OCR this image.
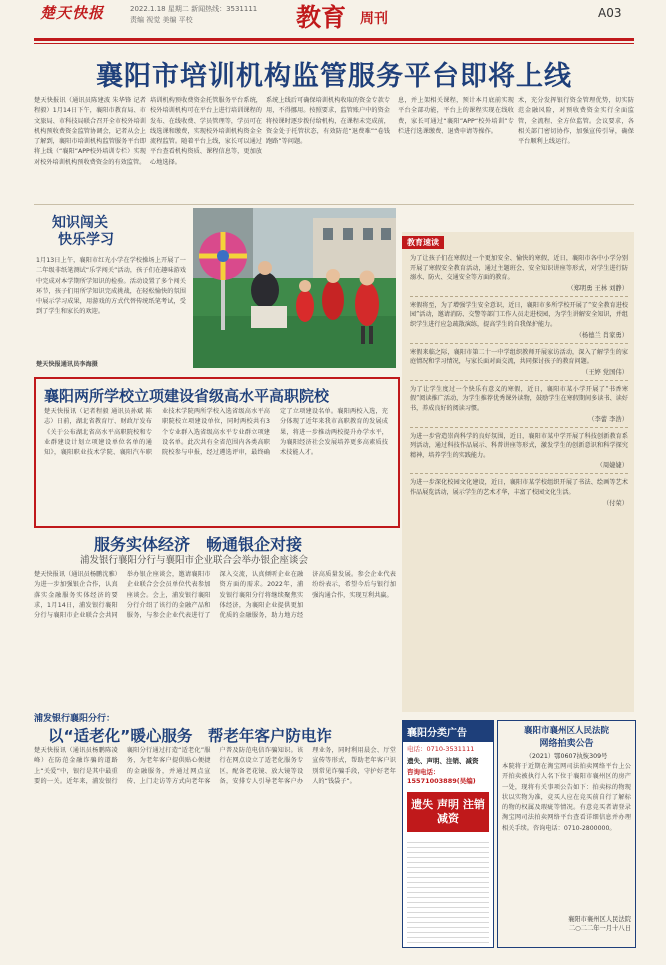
楚天快报	2022.1.18 星期二 新闻热线：3531111
责编 视觉 美编 平校	教育 周刊	A03
襄阳市培训机构监管服务平台即将上线
楚天快报讯（通讯员陈建波 朱华锋 记者程毅）1月14日下午，襄阳市教育局、市文旅局、市科技局联合召开全市校外培训机构预收费资金监管协调会，记者从会上了解到，襄阳市培训机构监管服务平台即将上线（“襄阳”APP校外培训专栏）实现对校外培训机构预收费资金的有效监管。
培训机构预收费资金托管服务平台系统，校外培训机构可在平台上进行培训课程的发布、在线收费、学员管理等，学员可在线选课和缴费，实现校外培训机构资金全流程监管。随着平台上线，家长可以通过平台查看机构资质、课程信息等，更加放心地选择。
系统上线后可确保培训机构收取的资金专款专用，不得挪用。按照要求，监管账户中的资金将按课时逐步拨付给机构，在课程未完成前，资金处于托管状态，有效防范“退费难”“卷钱跑路”等问题。
息，并上架相关课程，预计本月底前实现平台全部功能，平台上的课程实现在线收费，家长可通过“襄阳”APP“校外培训”专栏进行选课缴费、退费申请等操作。
术，充分发挥银行资金管理优势，切实防范金融风险，对预收费资金实行全面监管，全流程、全方位监管。会议要求，各相关部门密切协作，加强宣传引导，确保平台顺利上线运行。
知识闯关
快乐学习
1月13日上午，襄阳市红光小学在学校操场上开展了一二年级非纸笔测试“乐学闯关”活动，孩子们在趣味游戏中完成对本学期所学知识的检验。活动设置了多个闯关环节，孩子们用所学知识完成挑战，在轻松愉快的氛围中展示学习成果，用游戏的方式代替传统纸笔考试，受到了学生和家长的欢迎。
楚天快报通讯员李海摄
襄阳两所学校立项建设省级高水平高职院校
楚天快报讯（记者程毅 通讯员孙斌 陈志）日前，湖北省教育厅、财政厅发布《关于公布湖北省高水平高职院校和专业群建设计划立项建设单位名单的通知》，襄阳职业技术学院、襄阳汽车职业技术学院两所学校入选省级高水平高职院校立项建设单位，同时两校共有3个专业群入选省级高水平专业群立项建设名单。此次共有全省范围内各类高职院校参与申报，经过遴选评审，最终确定了立项建设名单。襄阳两校入选，充分体现了近年来我市高职教育的发展成果，将进一步推动两校提升办学水平，为襄阳经济社会发展培养更多高素质技术技能人才。
服务实体经济　畅通银企对接
浦发银行襄阳分行与襄阳市企业联合会举办银企座谈会
楚天快报讯（通讯员杨鹏沈雅）为进一步加强银企合作，认真落实金融服务实体经济的要求，1月14日，浦发银行襄阳分行与襄阳市企业联合会共同举办银企座谈会，邀请襄阳市企业联合会会员单位代表参加座谈会。会上，浦发银行襄阳分行介绍了该行的金融产品和服务，与参会企业代表进行了深入交流，认真倾听企业在融资方面的需求。2022年，浦发银行襄阳分行将继续聚焦实体经济，为襄阳企业提供更加优质的金融服务，助力地方经济高质量发展。参会企业代表纷纷表示，希望今后与银行加强沟通合作，实现互利共赢。
浦发银行襄阳分行：
以“适老化”暖心服务　帮老年客户防电诈
楚天快报讯（通讯员杨鹏陈凌峰）在防范金融诈骗的道路上“关爱”中，银行是其中最重要的一关。近年来，浦发银行襄阳分行通过打造“适老化”服务，为老年客户提供贴心便捷的金融服务，并通过网点宣传、上门走访等方式向老年客户普及防范电信诈骗知识。该行在网点设立了适老化服务专区，配备老花镜、放大镜等设备，安排专人引导老年客户办理业务，同时利用晨会、厅堂宣传等形式，帮助老年客户识别常见诈骗手段，守护好老年人的“钱袋子”。
教育速读
为了让孩子们在寒假过一个更加安全、愉快的寒假，近日，襄阳市各中小学分别开展了寒假安全教育活动，通过主题班会、安全知识讲座等形式，对学生进行防溺水、防火、交通安全等方面的教育。
（郑明勇 王林 刘静）
寒假将至，为了增强学生安全意识，近日，襄阳市多所学校开展了“安全教育进校园”活动，邀请消防、交警等部门工作人员走进校园，为学生讲解安全知识，并组织学生进行应急疏散演练，提高学生的自我保护能力。
（杨德兰 肖家勇）
寒假来临之际，襄阳市第二十一中学组织教师开展家访活动，深入了解学生的家庭情况和学习情况，与家长面对面交流，共同探讨孩子的教育问题。
（王婷 党国伟）
为了让学生度过一个快乐有意义的寒假，近日，襄阳市某小学开展了“书香寒假”阅读推广活动，为学生推荐优秀课外读物，鼓励学生在寒假期间多读书、读好书，养成良好的阅读习惯。
（李蕾 李浩）
为进一步营造崇尚科学的良好氛围，近日，襄阳市某中学开展了科技创新教育系列活动，通过科技作品展示、科普讲座等形式，激发学生的创新意识和科学探究精神，培养学生的实践能力。
（周婕婕）
为进一步深化校园文化建设，近日，襄阳市某学校组织开展了书法、绘画等艺术作品展览活动，展示学生的艺术才华，丰富了校园文化生活。
（付荣）
襄阳分类广告
电话：0710-3531111
遗失、声明、注销、减资
咨询电话：15571003889(吴编)
遗失 声明 注销 减资
襄阳市襄州区人民法院
网络拍卖公告
（2021）鄂0607执恢309号
本院将于近期在淘宝网司法拍卖网络平台上公开拍卖被执行人名下位于襄阳市襄州区的房产一处，现将有关事项公告如下：拍卖标的物现状以实物为准，竞买人应在竞买前自行了解标的物的权属及瑕疵等情况。有意竞买者请登录淘宝网司法拍卖网络平台查看详细信息并办理相关手续。咨询电话：0710-2800000。
襄阳市襄州区人民法院
二○二二年一月十八日
